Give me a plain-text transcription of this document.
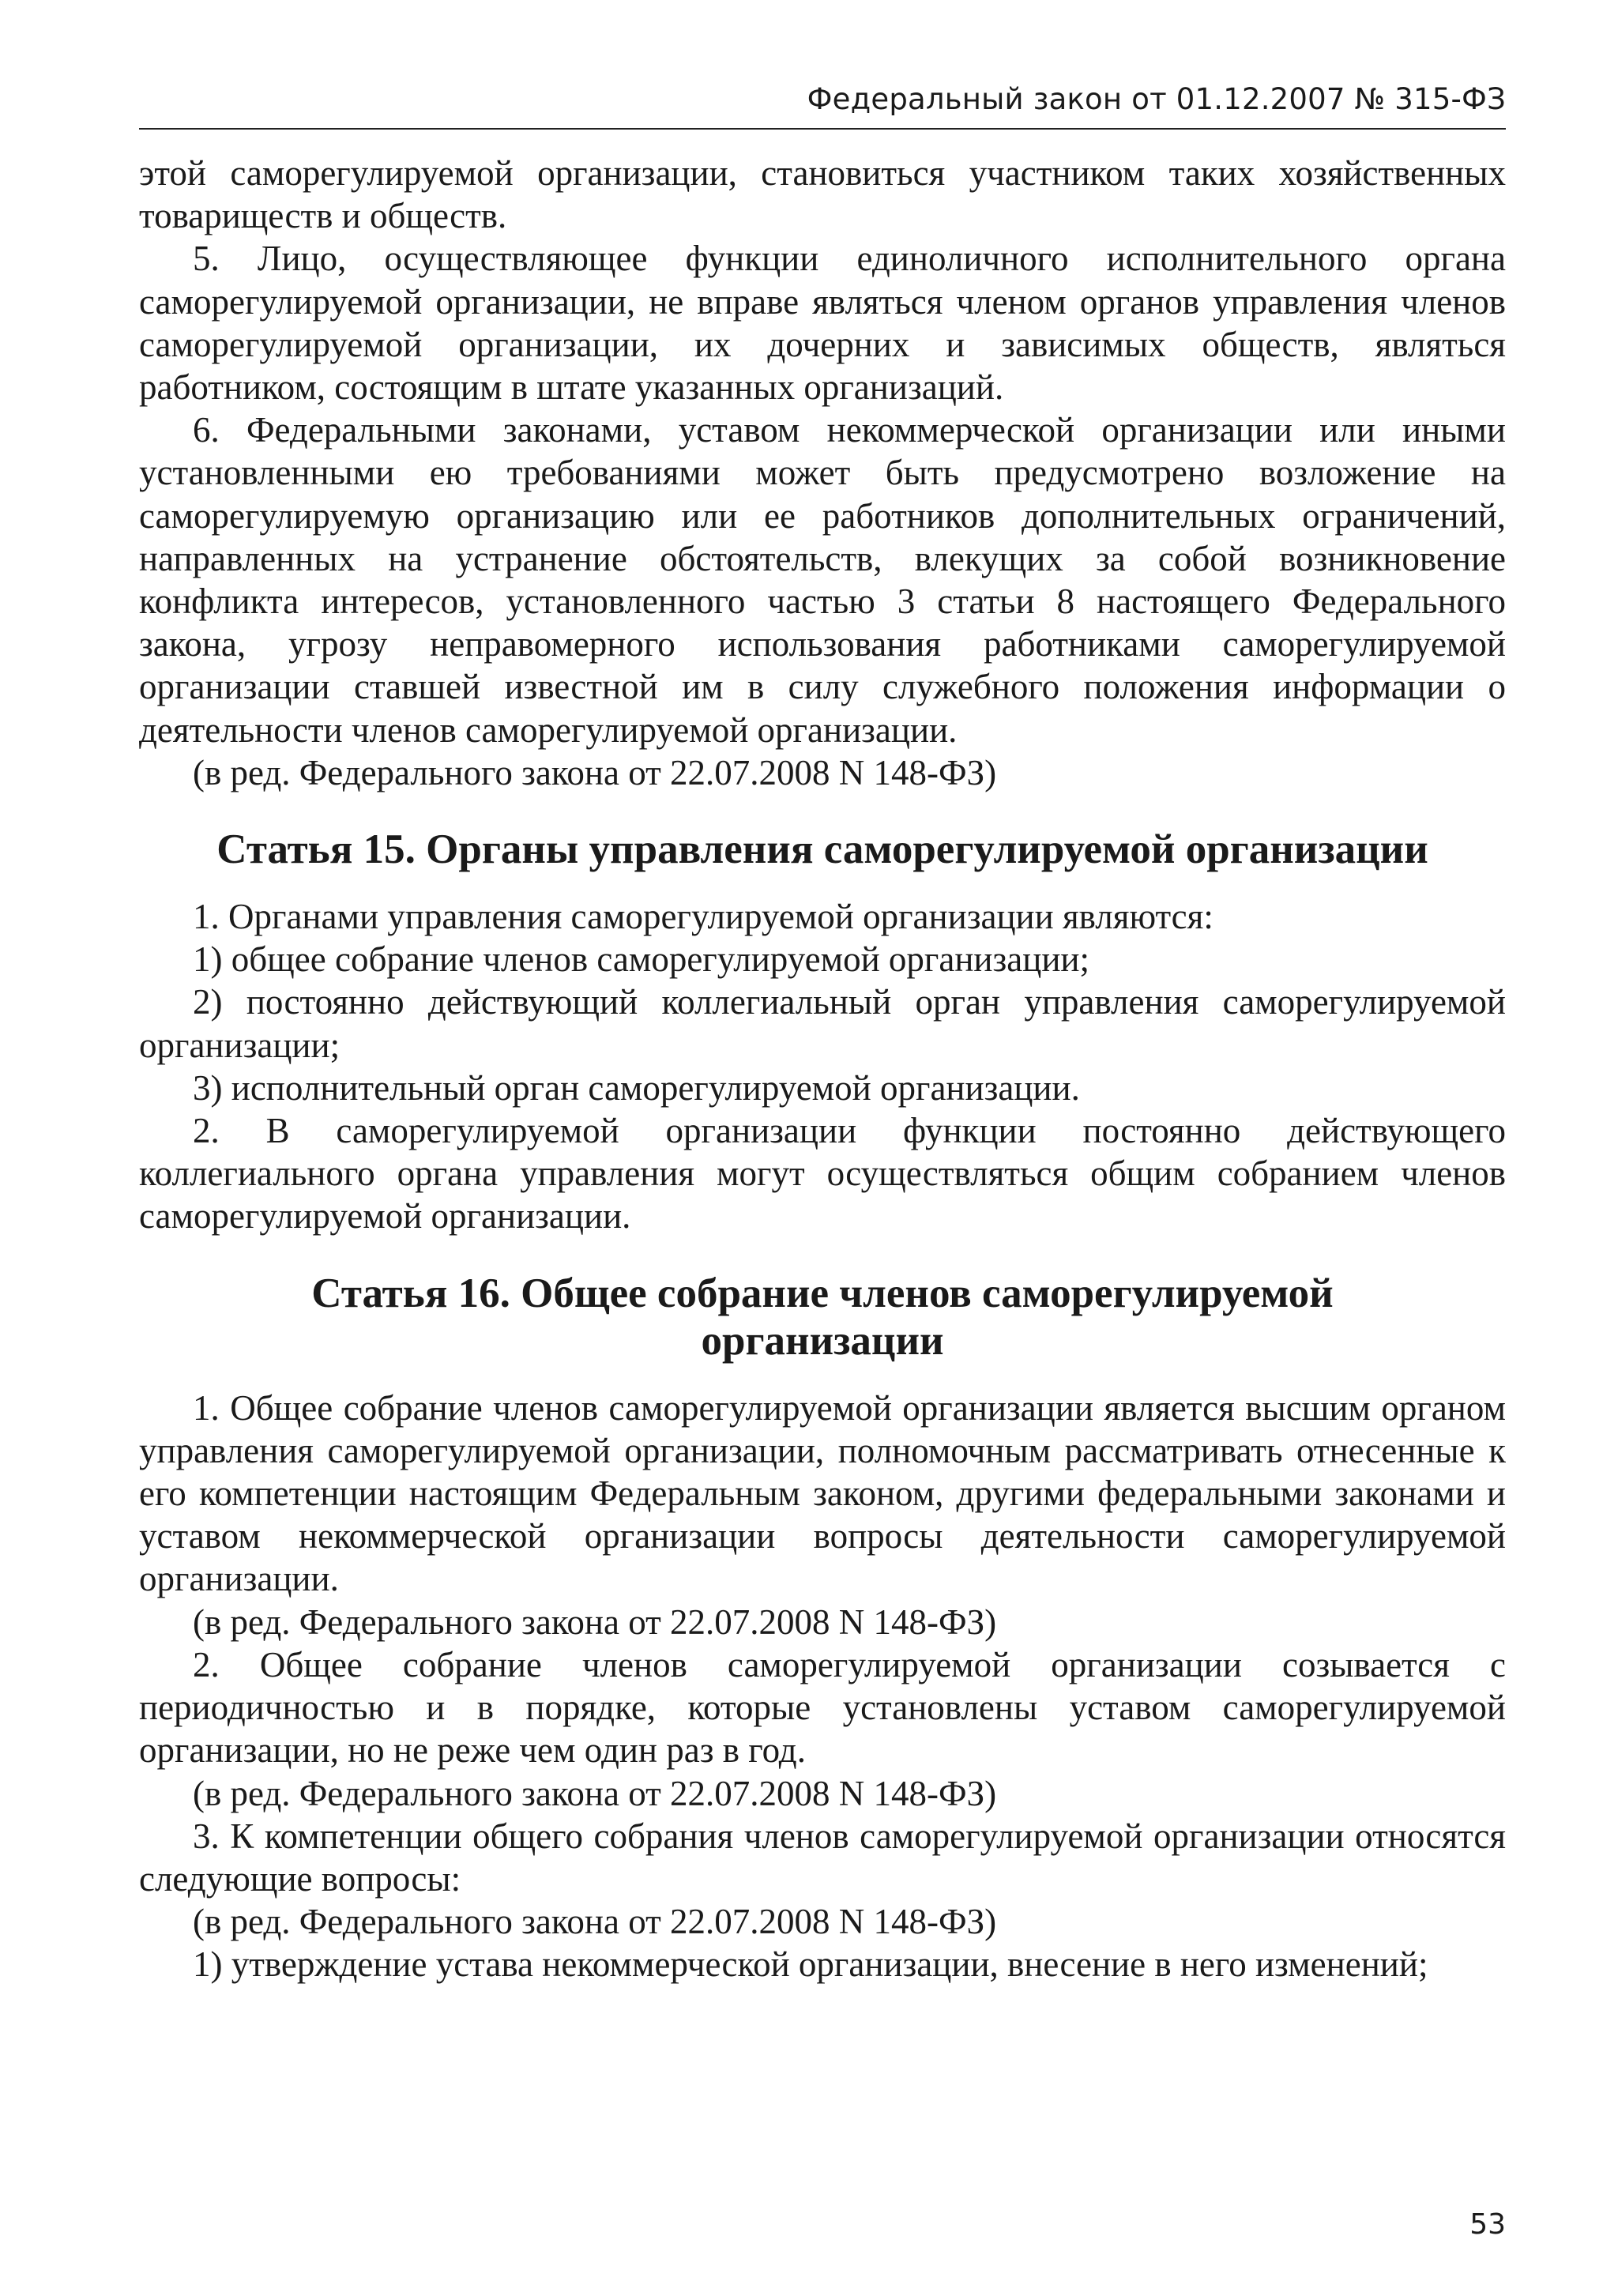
Федеральный закон от 01.12.2007 № 315-ФЗ

этой саморегулируемой организации, становиться участником таких хозяйственных товариществ и обществ.

5. Лицо, осуществляющее функции единоличного исполнительного органа саморегулируемой организации, не вправе являться членом органов управления членов саморегулируемой организации, их дочерних и зависимых обществ, являться работником, состоящим в штате указанных организаций.

6. Федеральными законами, уставом некоммерческой организации или иными установленными ею требованиями может быть предусмотрено возложение на саморегулируемую организацию или ее работников дополнительных ограничений, направленных на устранение обстоятельств, влекущих за собой возникновение конфликта интересов, установленного частью 3 статьи 8 настоящего Федерального закона, угрозу неправомерного использования работниками саморегулируемой организации ставшей известной им в силу служебного положения информации о деятельности членов саморегулируемой организации.

(в ред. Федерального закона от 22.07.2008 N 148-ФЗ)

Статья 15. Органы управления саморегулируемой организации

1. Органами управления саморегулируемой организации являются:

1) общее собрание членов саморегулируемой организации;

2) постоянно действующий коллегиальный орган управления саморегулируемой организации;

3) исполнительный орган саморегулируемой организации.

2. В саморегулируемой организации функции постоянно действующего коллегиального органа управления могут осуществляться общим собранием членов саморегулируемой организации.

Статья 16. Общее собрание членов саморегулируемой
организации

1. Общее собрание членов саморегулируемой организации является высшим органом управления саморегулируемой организации, полномочным рассматривать отнесенные к его компетенции настоящим Федеральным законом, другими федеральными законами и уставом некоммерческой организации вопросы деятельности саморегулируемой организации.

(в ред. Федерального закона от 22.07.2008 N 148-ФЗ)

2. Общее собрание членов саморегулируемой организации созывается с периодичностью и в порядке, которые установлены уставом саморегулируемой организации, но не реже чем один раз в год.

(в ред. Федерального закона от 22.07.2008 N 148-ФЗ)

3. К компетенции общего собрания членов саморегулируемой организации относятся следующие вопросы:

(в ред. Федерального закона от 22.07.2008 N 148-ФЗ)

1) утверждение устава некоммерческой организации, внесение в него изменений;

53
